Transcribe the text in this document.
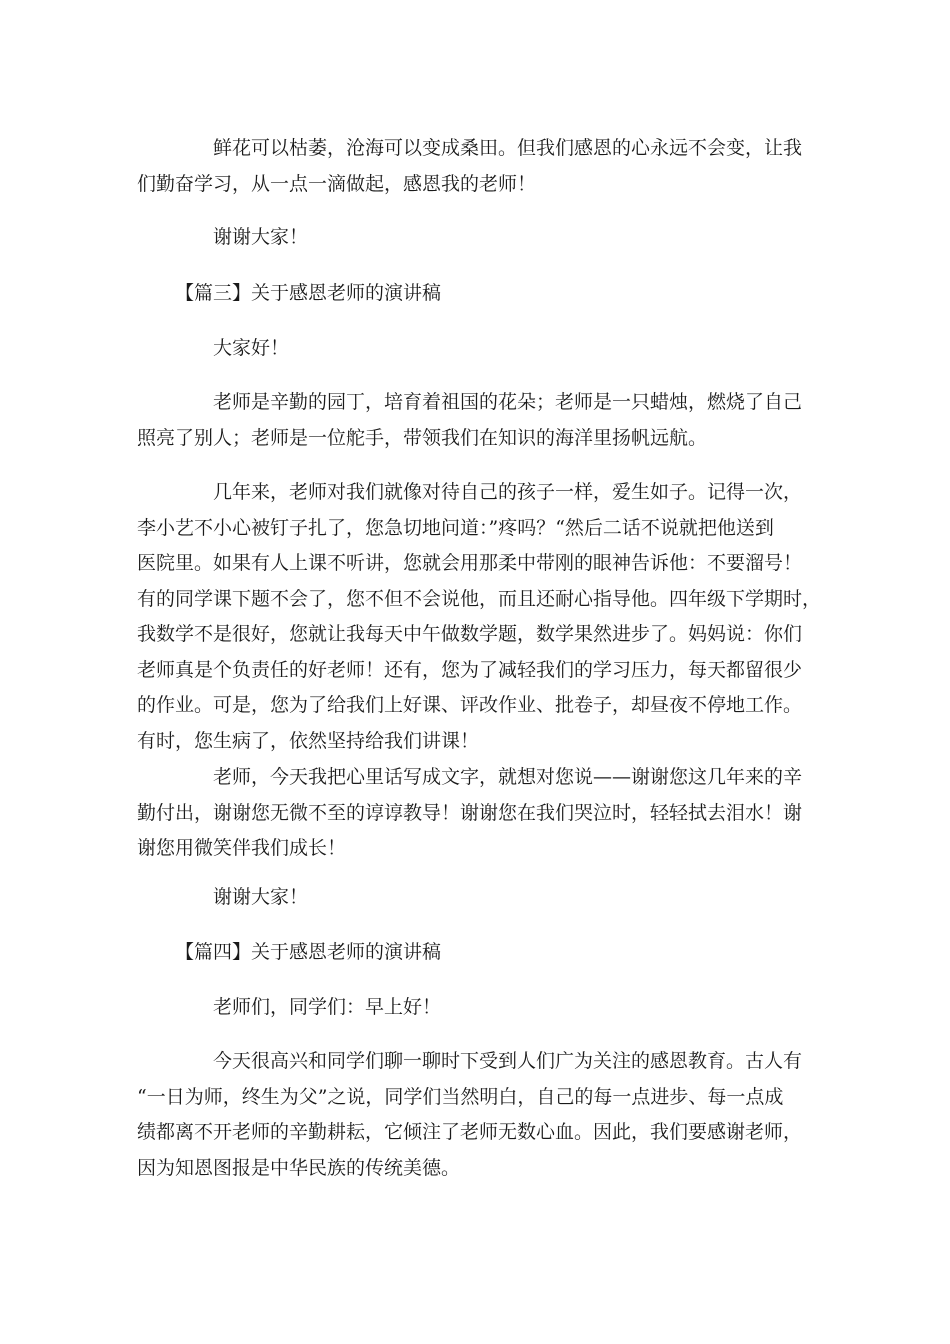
鲜花可以枯萎，沧海可以变成桑田。但我们感恩的心永远不会变，让我
们勤奋学习，从一点一滴做起，感恩我的老师！
谢谢大家！
【篇三】关于感恩老师的演讲稿
大家好！
老师是辛勤的园丁，培育着祖国的花朵；老师是一只蜡烛，燃烧了自己
照亮了别人；老师是一位舵手，带领我们在知识的海洋里扬帆远航。
几年来，老师对我们就像对待自己的孩子一样，爱生如子。记得一次，
李小艺不小心被钉子扎了，您急切地问道：”疼吗？“然后二话不说就把他送到
医院里。如果有人上课不听讲，您就会用那柔中带刚的眼神告诉他：不要溜号！
有的同学课下题不会了，您不但不会说他，而且还耐心指导他。四年级下学期时，
我数学不是很好，您就让我每天中午做数学题，数学果然进步了。妈妈说：你们
老师真是个负责任的好老师！还有，您为了减轻我们的学习压力，每天都留很少
的作业。可是，您为了给我们上好课、评改作业、批卷子，却昼夜不停地工作。
有时，您生病了，依然坚持给我们讲课！
老师，今天我把心里话写成文字，就想对您说——谢谢您这几年来的辛
勤付出，谢谢您无微不至的谆谆教导！谢谢您在我们哭泣时，轻轻拭去泪水！谢
谢您用微笑伴我们成长！
谢谢大家！
【篇四】关于感恩老师的演讲稿
老师们，同学们：早上好！
今天很高兴和同学们聊一聊时下受到人们广为关注的感恩教育。古人有
“一日为师，终生为父”之说，同学们当然明白，自己的每一点进步、每一点成
绩都离不开老师的辛勤耕耘，它倾注了老师无数心血。因此，我们要感谢老师，
因为知恩图报是中华民族的传统美德。
